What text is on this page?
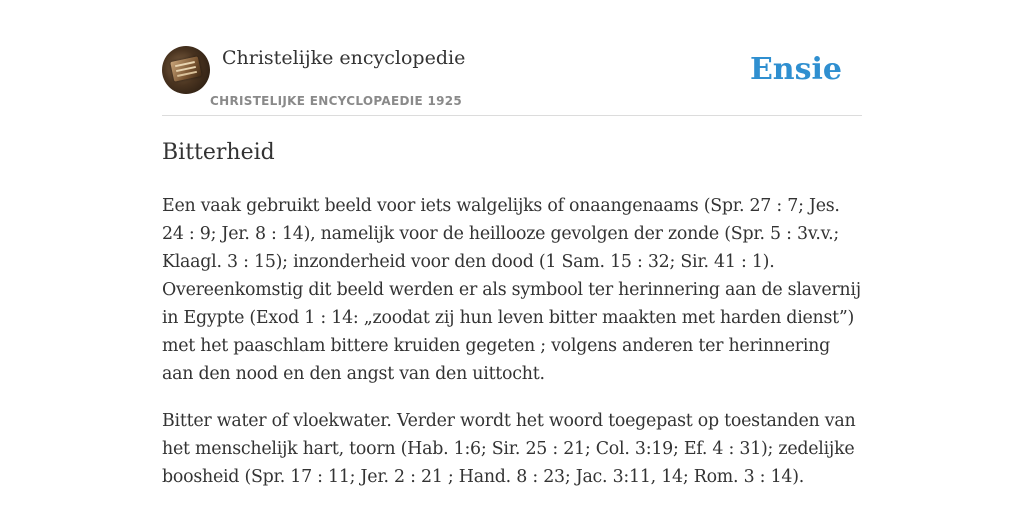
Christelijke encyclopedie
CHRISTELIJKE ENCYCLOPAEDIE 1925
Ensie
Bitterheid

Een vaak gebruikt beeld voor iets walgelijks of onaangenaams (Spr. 27 : 7; Jes. 24 : 9; Jer. 8 : 14), namelijk voor de heillooze gevolgen der zonde (Spr. 5 : 3v.v.; Klaagl. 3 : 15); inzonderheid voor den dood (1 Sam. 15 : 32; Sir. 41 : 1). Overeenkomstig dit beeld werden er als symbool ter herinnering aan de slavernij in Egypte (Exod 1 : 14: „zoodat zij hun leven bitter maakten met harden dienst”) met het paaschlam bittere kruiden gegeten ; volgens anderen ter herinnering aan den nood en den angst van den uittocht.

Bitter water of vloekwater. Verder wordt het woord toegepast op toestanden van het menschelijk hart, toorn (Hab. 1:6; Sir. 25 : 21; Col. 3:19; Ef. 4 : 31); zedelijke boosheid (Spr. 17 : 11; Jer. 2 : 21 ; Hand. 8 : 23; Jac. 3:11, 14; Rom. 3 : 14).
